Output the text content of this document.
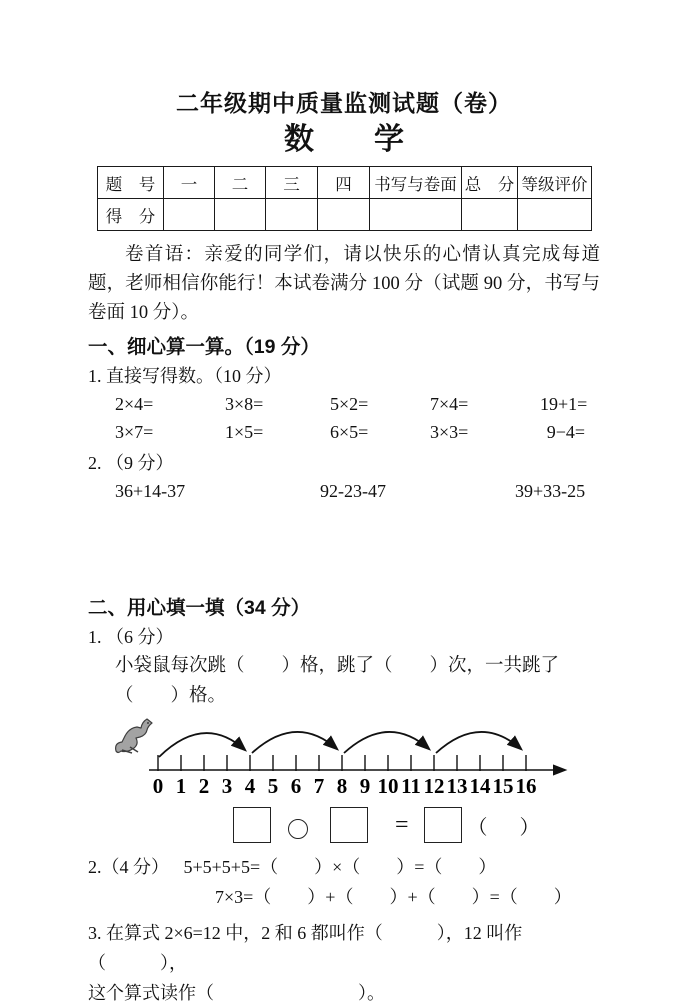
二年级期中质量监测试题（卷）
数　　学
题　号	一	二	三	四	书写与卷面	总　分	等级评价
得　分							

卷首语：亲爱的同学们，请以快乐的心情认真完成每道题，老师相信你能行！本试卷满分 100 分（试题 90 分，书写与卷面 10 分）。

一、细心算一算。（19 分）
1. 直接写得数。（10 分）
2×4=	3×8=	5×2=	7×4=	19+1=
3×7=	1×5=	6×5=	3×3=	9−4=
2. （9 分）
36+14-37	92-23-47	39+33-25
二、用心填一填（34 分）
1. （6 分）
小袋鼠每次跳（　　）格，跳了（　　）次，一共跳了（　　）格。
0 1 2 3 4 5 6 7 8 9 10 11 12 13 14 15 16
=	（　）
2.（4 分） 5+5+5+5=（　　）×（　　）=（　　）
7×3=（　　）+（　　）+（　　）=（　　）
3. 在算式 2×6=12 中，2 和 6 都叫作（　　　），12 叫作（　　　），
这个算式读作（　　　　　　　　）。
